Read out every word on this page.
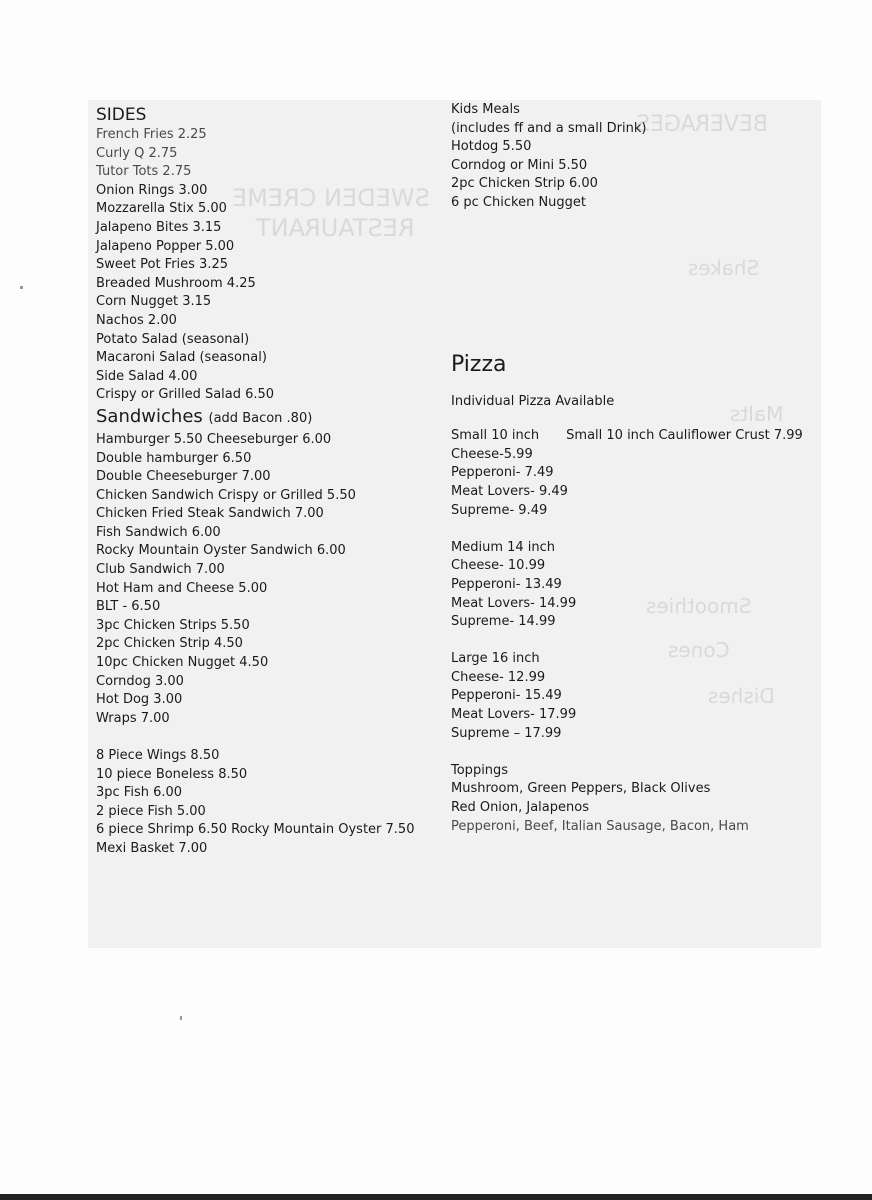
BEVERAGES
SWEDEN CREME
RESTAURANT
Shakes
Malts
Smoothies
Cones
Dishes
SIDES
French Fries 2.25
Curly Q 2.75
Tutor Tots 2.75
Onion Rings 3.00
Mozzarella Stix 5.00
Jalapeno Bites 3.15
Jalapeno Popper 5.00
Sweet Pot Fries 3.25
Breaded Mushroom 4.25
Corn Nugget 3.15
Nachos 2.00
Potato Salad (seasonal)
Macaroni Salad (seasonal)
Side Salad 4.00
Crispy or Grilled Salad 6.50
Sandwiches (add Bacon .80)
Hamburger 5.50 Cheeseburger 6.00
Double hamburger 6.50
Double Cheeseburger 7.00
Chicken Sandwich Crispy or Grilled 5.50
Chicken Fried Steak Sandwich 7.00
Fish Sandwich 6.00
Rocky Mountain Oyster Sandwich 6.00
Club Sandwich 7.00
Hot Ham and Cheese 5.00
BLT - 6.50
3pc Chicken Strips 5.50
2pc Chicken Strip 4.50
10pc Chicken Nugget 4.50
Corndog 3.00
Hot Dog 3.00
Wraps 7.00
8 Piece Wings 8.50
10 piece Boneless 8.50
3pc Fish 6.00
2 piece Fish 5.00
6 piece Shrimp 6.50 Rocky Mountain Oyster 7.50
Mexi Basket 7.00
Kids Meals
(includes ff and a small Drink)
Hotdog 5.50
Corndog or Mini 5.50
2pc Chicken Strip 6.00
6 pc Chicken Nugget
Pizza
Individual Pizza Available
Small 10 inch Small 10 inch Cauliflower Crust 7.99
Cheese-5.99
Pepperoni- 7.49
Meat Lovers- 9.49
Supreme- 9.49
Medium 14 inch
Cheese- 10.99
Pepperoni- 13.49
Meat Lovers- 14.99
Supreme- 14.99
Large 16 inch
Cheese- 12.99
Pepperoni- 15.49
Meat Lovers- 17.99
Supreme – 17.99
Toppings
Mushroom, Green Peppers, Black Olives
Red Onion, Jalapenos
Pepperoni, Beef, Italian Sausage, Bacon, Ham
